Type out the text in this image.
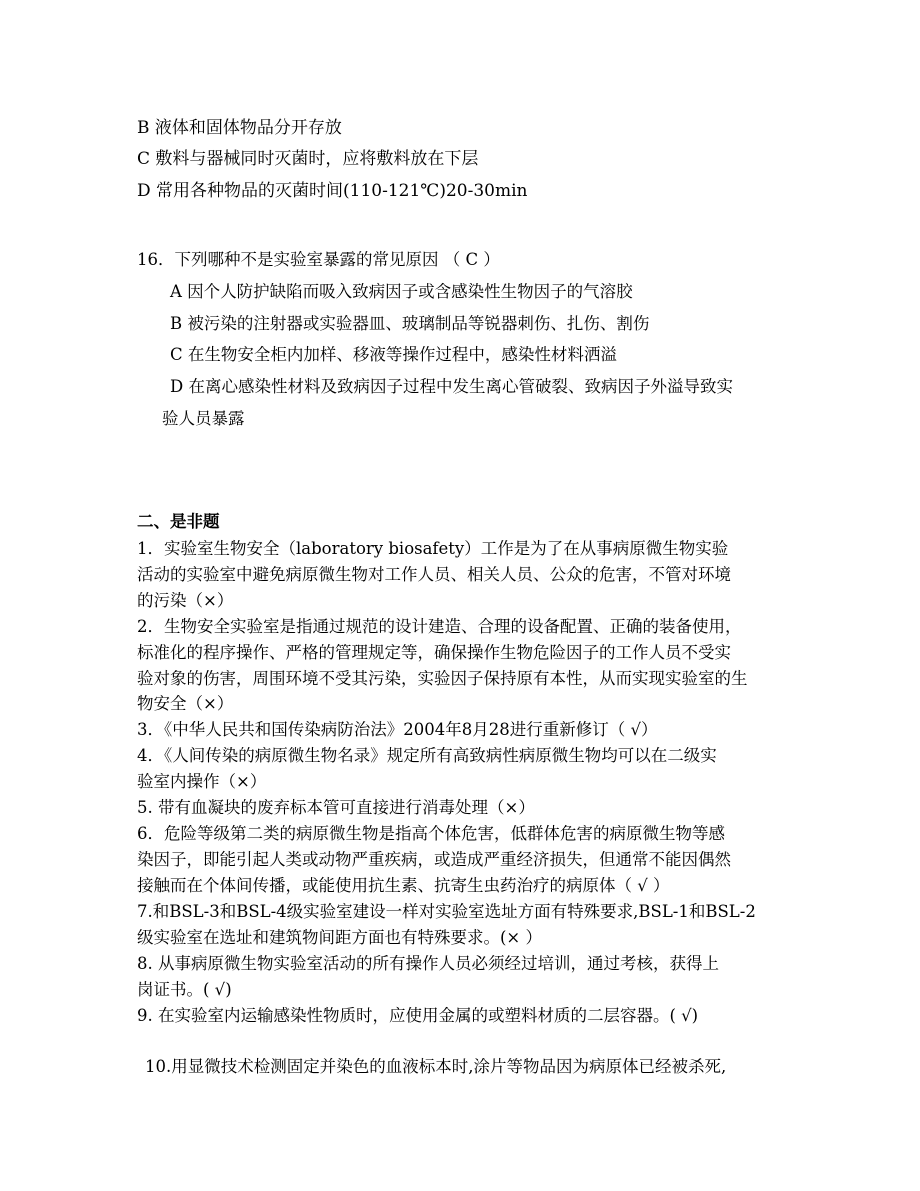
B 液体和固体物品分开存放
C 敷料与器械同时灭菌时，应将敷料放在下层
D 常用各种物品的灭菌时间(110-121℃)20-30min
16．下列哪种不是实验室暴露的常见原因 （ C ）
A 因个人防护缺陷而吸入致病因子或含感染性生物因子的气溶胶
B 被污染的注射器或实验器皿、玻璃制品等锐器刺伤、扎伤、割伤
C 在生物安全柜内加样、移液等操作过程中，感染性材料洒溢
D 在离心感染性材料及致病因子过程中发生离心管破裂、致病因子外溢导致实
验人员暴露
二、是非题
1．实验室生物安全（laboratory biosafety）工作是为了在从事病原微生物实验
活动的实验室中避免病原微生物对工作人员、相关人员、公众的危害，不管对环境
的污染（×）
2．生物安全实验室是指通过规范的设计建造、合理的设备配置、正确的装备使用，
标准化的程序操作、严格的管理规定等，确保操作生物危险因子的工作人员不受实
验对象的伤害，周围环境不受其污染，实验因子保持原有本性，从而实现实验室的生
物安全（×）
3．《中华人民共和国传染病防治法》2004年8月28进行重新修订（ √）
4．《人间传染的病原微生物名录》规定所有高致病性病原微生物均可以在二级实
验室内操作（×）
5. 带有血凝块的废弃标本管可直接进行消毒处理（×）
6．危险等级第二类的病原微生物是指高个体危害，低群体危害的病原微生物等感
染因子，即能引起人类或动物严重疾病，或造成严重经济损失，但通常不能因偶然
接触而在个体间传播，或能使用抗生素、抗寄生虫药治疗的病原体（ √ ）
7.和BSL-3和BSL-4级实验室建设一样对实验室选址方面有特殊要求,BSL-1和BSL-2
级实验室在选址和建筑物间距方面也有特殊要求。(× ）
8. 从事病原微生物实验室活动的所有操作人员必须经过培训，通过考核，获得上
岗证书。( √)
9. 在实验室内运输感染性物质时，应使用金属的或塑料材质的二层容器。( √)
10.用显微技术检测固定并染色的血液标本时,涂片等物品因为病原体已经被杀死,
